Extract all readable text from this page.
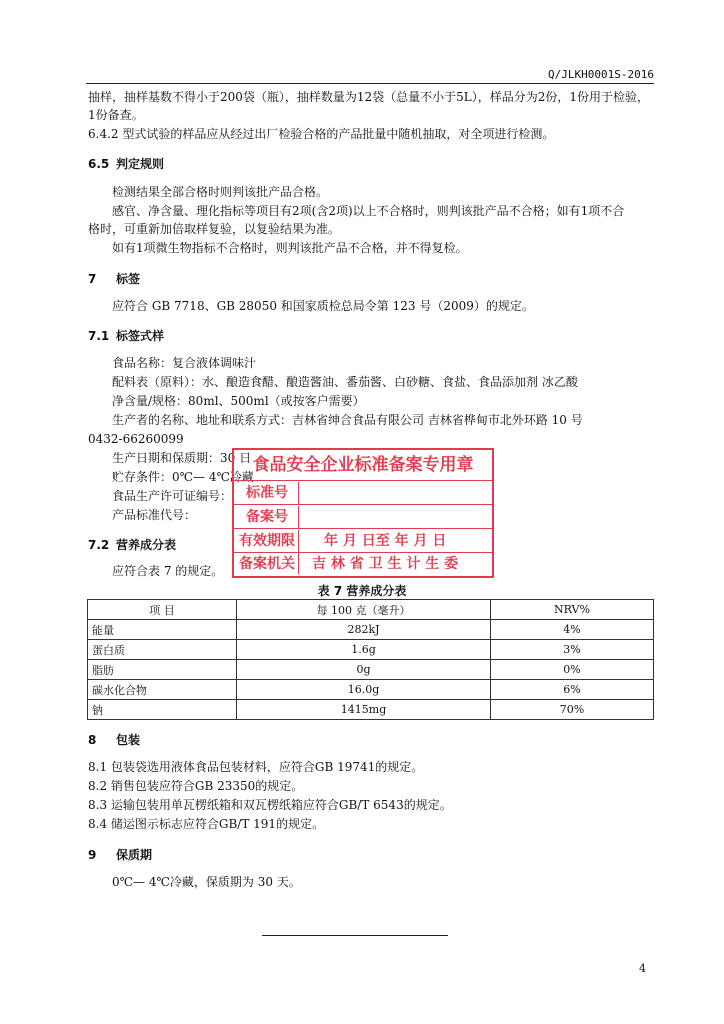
Q/JLKH0001S-2016
抽样，抽样基数不得小于200袋（瓶），抽样数量为12袋（总量不小于5L），样品分为2份，1份用于检验，
1份备查。
6.4.2 型式试验的样品应从经过出厂检验合格的产品批量中随机抽取，对全项进行检测。
6.5 判定规则
检测结果全部合格时则判该批产品合格。
感官、净含量、理化指标等项目有2项(含2项)以上不合格时，则判该批产品不合格；如有1项不合
格时，可重新加倍取样复验，以复验结果为准。
如有1项微生物指标不合格时，则判该批产品不合格，并不得复检。
7 标签
应符合 GB 7718、GB 28050 和国家质检总局令第 123 号（2009）的规定。
7.1 标签式样
食品名称：复合液体调味汁
配料表（原料）：水、酿造食醋、酿造酱油、番茄酱、白砂糖、食盐、食品添加剂 冰乙酸
净含量/规格：80ml、500ml（或按客户需要）
生产者的名称、地址和联系方式：吉林省绅合食品有限公司 吉林省桦甸市北外环路 10 号
0432-66260099
生产日期和保质期：30 日
贮存条件：0℃— 4℃冷藏
食品生产许可证编号：
产品标准代号：
7.2 营养成分表
应符合表 7 的规定。
食品安全企业标准备案专用章
标准号
备案号
有效期限 年 月 日至 年 月 日
备案机关 吉 林 省 卫 生 计 生 委
表 7 营养成分表
项 目	每 100 克（毫升）	NRV%
能量	282kJ	4%
蛋白质	1.6g	3%
脂肪	0g	0%
碳水化合物	16.0g	6%
钠	1415mg	70%
8 包装
8.1 包装袋选用液体食品包装材料，应符合GB 19741的规定。
8.2 销售包装应符合GB 23350的规定。
8.3 运输包装用单瓦楞纸箱和双瓦楞纸箱应符合GB/T 6543的规定。
8.4 储运图示标志应符合GB/T 191的规定。
9 保质期
0℃— 4℃冷藏，保质期为 30 天。
4
